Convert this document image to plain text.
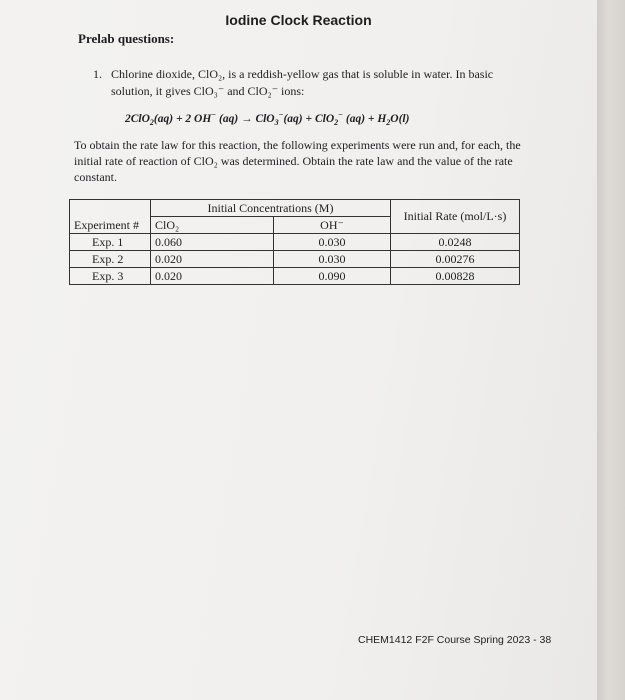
Iodine Clock Reaction
Prelab questions:
1. Chlorine dioxide, ClO₂, is a reddish-yellow gas that is soluble in water. In basic
solution, it gives ClO₃⁻ and ClO₂⁻ ions:
2ClO$_2$(aq) + 2 OH− (aq) → ClO$_3$−(aq) + ClO$_2$− $(aq) + H_2O(l)$
To obtain the rate law for this reaction, the following experiments were run and, for each, the initial rate of reaction of ClO₂ was determined. Obtain the rate law and the value of the rate constant.
Experiment #	Initial Concentrations (M)		Initial Rate (mol/L·s)
	ClO₂	OH⁻	
Exp. 1	0.060	0.030	0.0248
Exp. 2	0.020	0.030	0.00276
Exp. 3	0.020	0.090	0.00828
CHEM1412 F2F Course Spring 2023 - 38
